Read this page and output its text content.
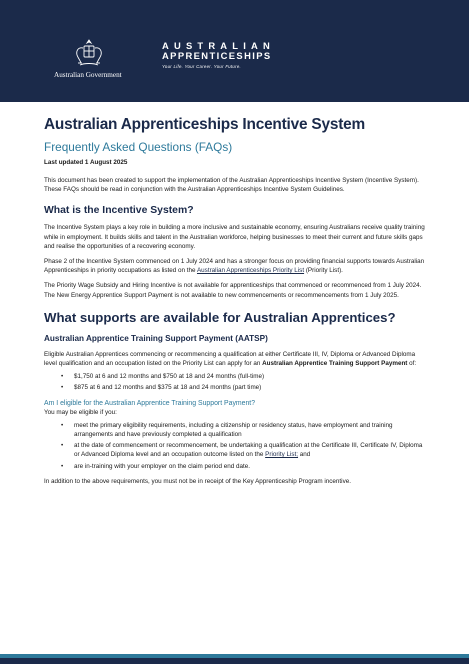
Australian Government
AUSTRALIAN
APPRENTICESHIPS
Your Life. Your Career. Your Future.
Australian Apprenticeships Incentive System
Frequently Asked Questions (FAQs)
Last updated 1 August 2025

This document has been created to support the implementation of the Australian Apprenticeships Incentive System (Incentive System). These FAQs should be read in conjunction with the Australian Apprenticeships Incentive System Guidelines.

What is the Incentive System?

The Incentive System plays a key role in building a more inclusive and sustainable economy, ensuring Australians receive quality training while in employment. It builds skills and talent in the Australian workforce, helping businesses to meet their current and future skills gaps and realise the opportunities of a recovering economy.

Phase 2 of the Incentive System commenced on 1 July 2024 and has a stronger focus on providing financial supports towards Australian Apprenticeships in priority occupations as listed on the Australian Apprenticeships Priority List (Priority List).

The Priority Wage Subsidy and Hiring Incentive is not available for apprenticeships that commenced or recommenced from 1 July 2024. The New Energy Apprentice Support Payment is not available to new commencements or recommencements from 1 July 2025.

What supports are available for Australian Apprentices?
Australian Apprentice Training Support Payment (AATSP)

Eligible Australian Apprentices commencing or recommencing a qualification at either Certificate III, IV, Diploma or Advanced Diploma level qualification and an occupation listed on the Priority List can apply for an Australian Apprentice Training Support Payment of:

• $1,750 at 6 and 12 months and $750 at 18 and 24 months (full-time)
• $875 at 6 and 12 months and $375 at 18 and 24 months (part time)
Am I eligible for the Australian Apprentice Training Support Payment?

You may be eligible if you:

• meet the primary eligibility requirements, including a citizenship or residency status, have employment and training arrangements and have previously completed a qualification
• at the date of commencement or recommencement, be undertaking a qualification at the Certificate III, Certificate IV, Diploma or Advanced Diploma level and an occupation outcome listed on the Priority List; and
• are in-training with your employer on the claim period end date.

In addition to the above requirements, you must not be in receipt of the Key Apprenticeship Program incentive.
